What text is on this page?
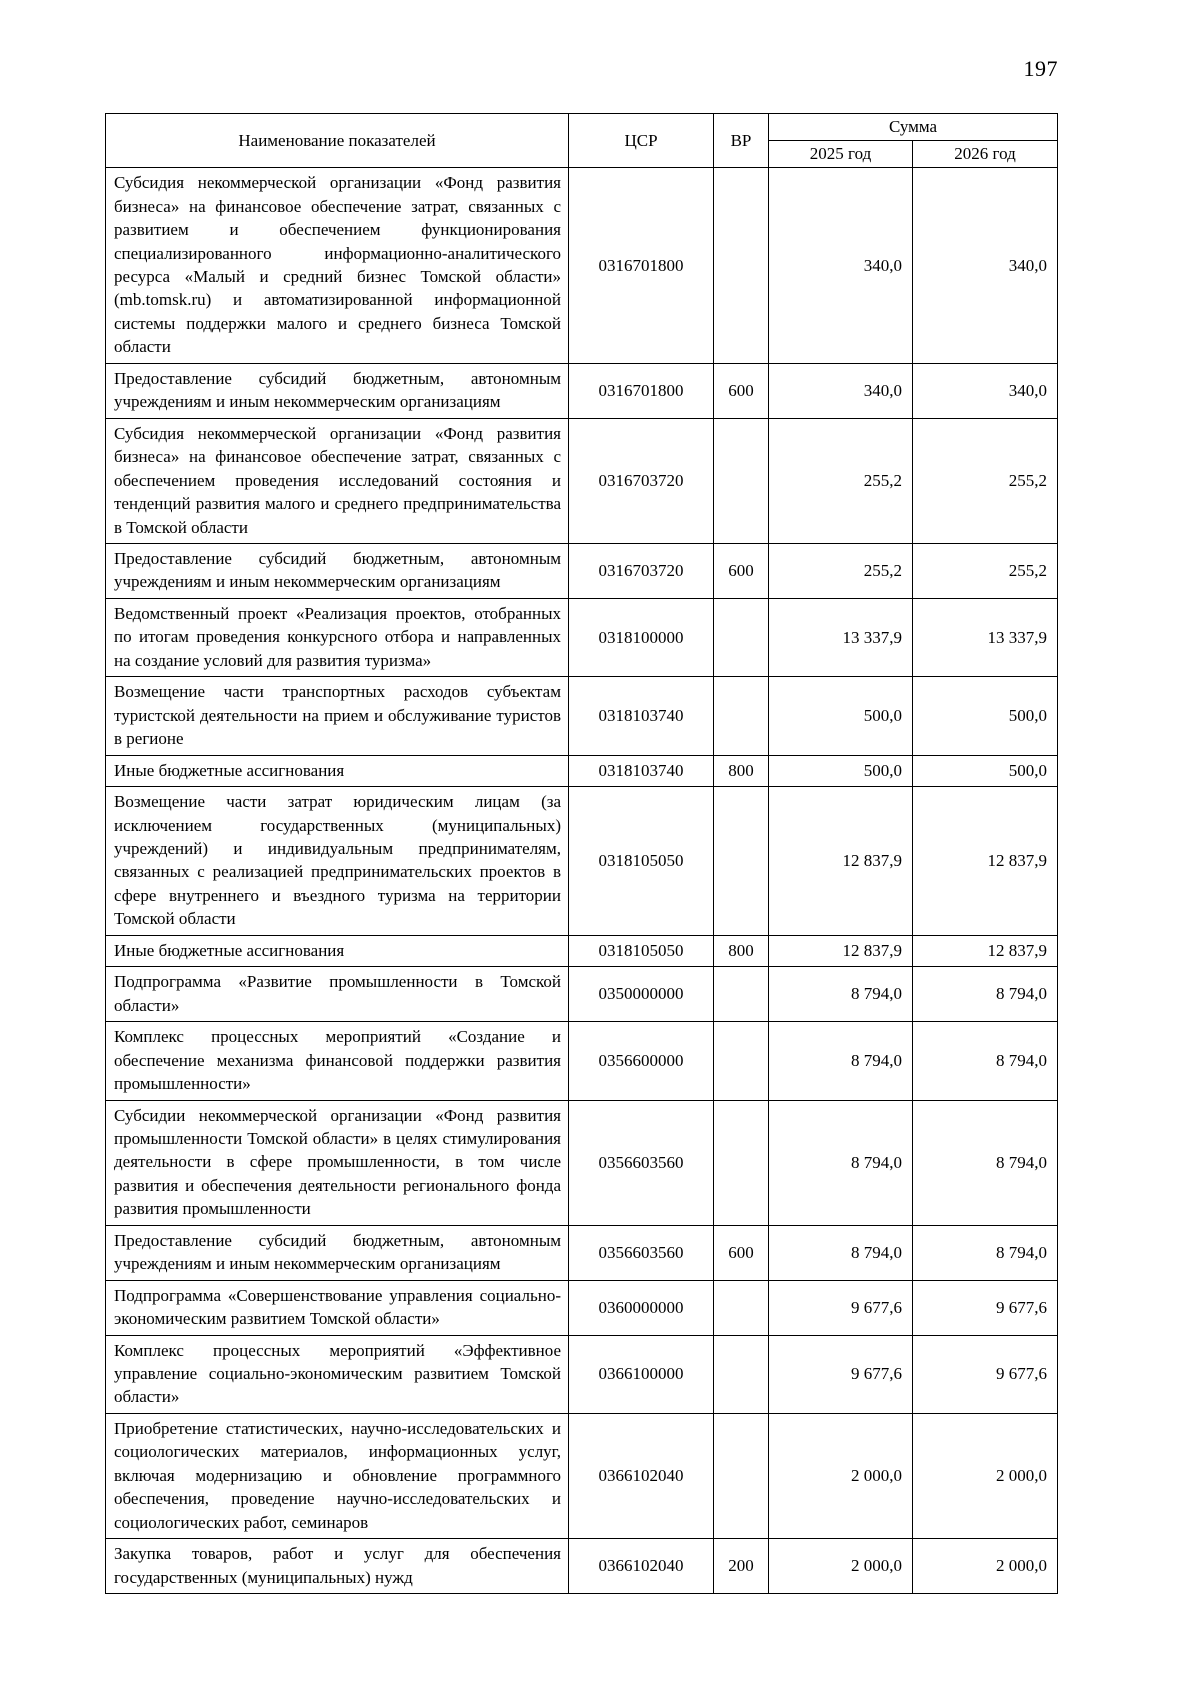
197
Наименование показателей	ЦСР	ВР	Сумма	
			2025 год	2026 год
Субсидия некоммерческой организации «Фонд развития бизнеса» на финансовое обеспечение затрат, связанных с развитием и обеспечением функционирования специализированного информационно-аналитического ресурса «Малый и средний бизнес Томской области» (mb.tomsk.ru) и автоматизированной информационной системы поддержки малого и среднего бизнеса Томской области	0316701800		340,0	340,0
Предоставление субсидий бюджетным, автономным учреждениям и иным некоммерческим организациям	0316701800	600	340,0	340,0
Субсидия некоммерческой организации «Фонд развития бизнеса» на финансовое обеспечение затрат, связанных с обеспечением проведения исследований состояния и тенденций развития малого и среднего предпринимательства в Томской области	0316703720		255,2	255,2
Предоставление субсидий бюджетным, автономным учреждениям и иным некоммерческим организациям	0316703720	600	255,2	255,2
Ведомственный проект «Реализация проектов, отобранных по итогам проведения конкурсного отбора и направленных на создание условий для развития туризма»	0318100000		13 337,9	13 337,9
Возмещение части транспортных расходов субъектам туристской деятельности на прием и обслуживание туристов в регионе	0318103740		500,0	500,0
Иные бюджетные ассигнования	0318103740	800	500,0	500,0
Возмещение части затрат юридическим лицам (за исключением государственных (муниципальных) учреждений) и индивидуальным предпринимателям, связанных с реализацией предпринимательских проектов в сфере внутреннего и въездного туризма на территории Томской области	0318105050		12 837,9	12 837,9
Иные бюджетные ассигнования	0318105050	800	12 837,9	12 837,9
Подпрограмма «Развитие промышленности в Томской области»	0350000000		8 794,0	8 794,0
Комплекс процессных мероприятий «Создание и обеспечение механизма финансовой поддержки развития промышленности»	0356600000		8 794,0	8 794,0
Субсидии некоммерческой организации «Фонд развития промышленности Томской области» в целях стимулирования деятельности в сфере промышленности, в том числе развития и обеспечения деятельности регионального фонда развития промышленности	0356603560		8 794,0	8 794,0
Предоставление субсидий бюджетным, автономным учреждениям и иным некоммерческим организациям	0356603560	600	8 794,0	8 794,0
Подпрограмма «Совершенствование управления социально-экономическим развитием Томской области»	0360000000		9 677,6	9 677,6
Комплекс процессных мероприятий «Эффективное управление социально-экономическим развитием Томской области»	0366100000		9 677,6	9 677,6
Приобретение статистических, научно-исследовательских и социологических материалов, информационных услуг, включая модернизацию и обновление программного обеспечения, проведение научно-исследовательских и социологических работ, семинаров	0366102040		2 000,0	2 000,0
Закупка товаров, работ и услуг для обеспечения государственных (муниципальных) нужд	0366102040	200	2 000,0	2 000,0
